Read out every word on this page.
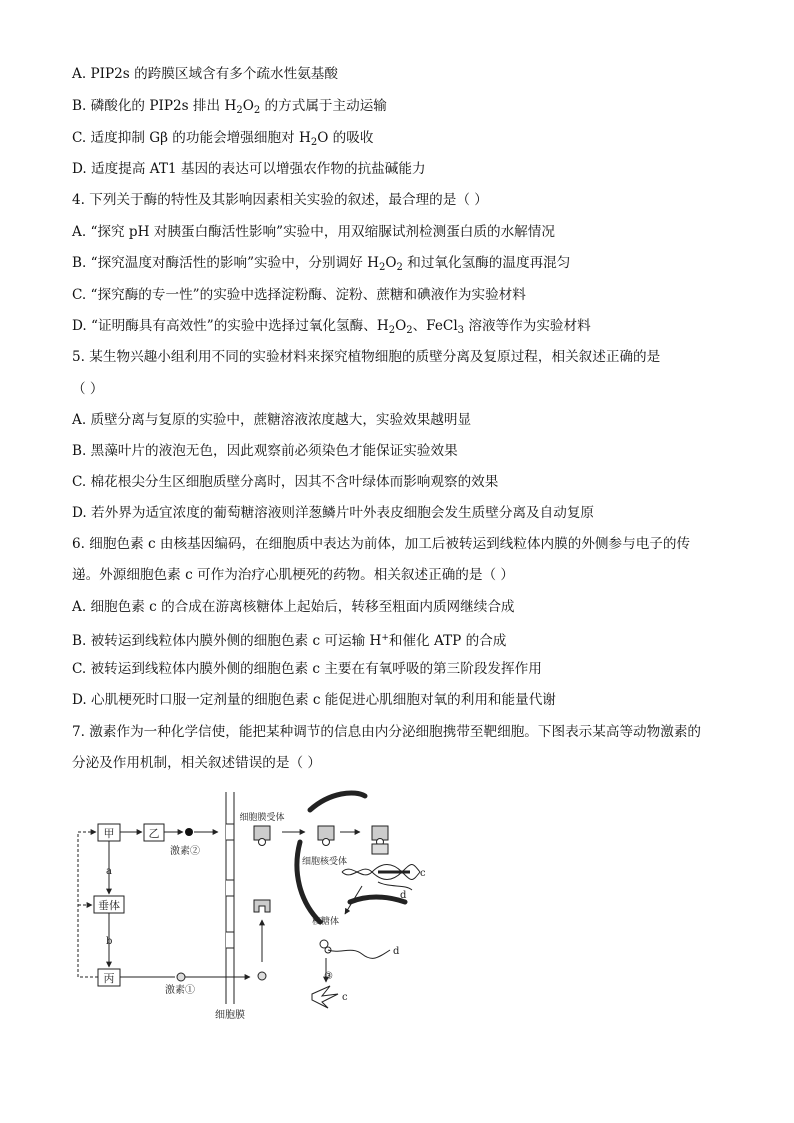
A. PIP2s 的跨膜区域含有多个疏水性氨基酸
B. 磷酸化的 PIP2s 排出 $H_2O_2$ 的方式属于主动运输
C. 适度抑制 Gβ 的功能会增强细胞对 $H_2O$ 的吸收
D. 适度提高 AT1 基因的表达可以增强农作物的抗盐碱能力
4. 下列关于酶的特性及其影响因素相关实验的叙述，最合理的是（ ）
A. “探究 pH 对胰蛋白酶活性影响”实验中，用双缩脲试剂检测蛋白质的水解情况
B. “探究温度对酶活性的影响”实验中，分别调好 $H_2O_2$ 和过氧化氢酶的温度再混匀
C. “探究酶的专一性”的实验中选择淀粉酶、淀粉、蔗糖和碘液作为实验材料
D. “证明酶具有高效性”的实验中选择过氧化氢酶、$H_2O_2$、FeCl$_3$ 溶液等作为实验材料
5. 某生物兴趣小组利用不同的实验材料来探究植物细胞的质壁分离及复原过程，相关叙述正确的是
（ ）
A. 质壁分离与复原的实验中，蔗糖溶液浓度越大，实验效果越明显
B. 黑藻叶片的液泡无色，因此观察前必须染色才能保证实验效果
C. 棉花根尖分生区细胞质壁分离时，因其不含叶绿体而影响观察的效果
D. 若外界为适宜浓度的葡萄糖溶液则洋葱鳞片叶外表皮细胞会发生质壁分离及自动复原
6. 细胞色素 c 由核基因编码，在细胞质中表达为前体，加工后被转运到线粒体内膜的外侧参与电子的传
递。外源细胞色素 c 可作为治疗心肌梗死的药物。相关叙述正确的是（ ）
A. 细胞色素 c 的合成在游离核糖体上起始后，转移至粗面内质网继续合成
B. 被转运到线粒体内膜外侧的细胞色素 c 可运输 H+和催化 ATP 的合成
C. 被转运到线粒体内膜外侧的细胞色素 c 主要在有氧呼吸的第三阶段发挥作用
D. 心肌梗死时口服一定剂量的细胞色素 c 能促进心肌细胞对氧的利用和能量代谢
7. 激素作为一种化学信使，能把某种调节的信息由内分泌细胞携带至靶细胞。下图表示某高等动物激素的
分泌及作用机制，相关叙述错误的是（ ）
甲	乙
激素②
a
垂体
b
丙
激素①
细胞膜
细胞膜受体
细胞核受体
c
d
核糖体
d
③
c
